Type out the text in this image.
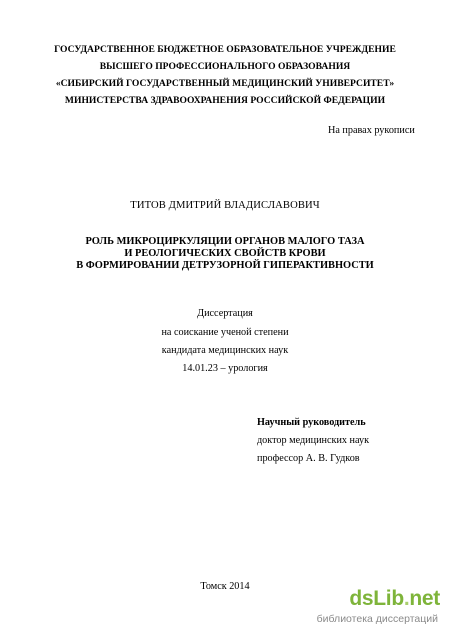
ГОСУДАРСТВЕННОЕ БЮДЖЕТНОЕ ОБРАЗОВАТЕЛЬНОЕ УЧРЕЖДЕНИЕ
ВЫСШЕГО ПРОФЕССИОНАЛЬНОГО ОБРАЗОВАНИЯ
«СИБИРСКИЙ ГОСУДАРСТВЕННЫЙ МЕДИЦИНСКИЙ УНИВЕРСИТЕТ»
МИНИСТЕРСТВА ЗДРАВООХРАНЕНИЯ РОССИЙСКОЙ ФЕДЕРАЦИИ
На правах рукописи
ТИТОВ ДМИТРИЙ ВЛАДИСЛАВОВИЧ
РОЛЬ МИКРОЦИРКУЛЯЦИИ ОРГАНОВ МАЛОГО ТАЗА
И РЕОЛОГИЧЕСКИХ СВОЙСТВ КРОВИ
В ФОРМИРОВАНИИ ДЕТРУЗОРНОЙ ГИПЕРАКТИВНОСТИ
Диссертация
на соискание ученой степени
кандидата медицинских наук
14.01.23 – урология
Научный руководитель
доктор медицинских наук
профессор А. В. Гудков
Томск 2014
dsLib.net
библиотека диссертаций
